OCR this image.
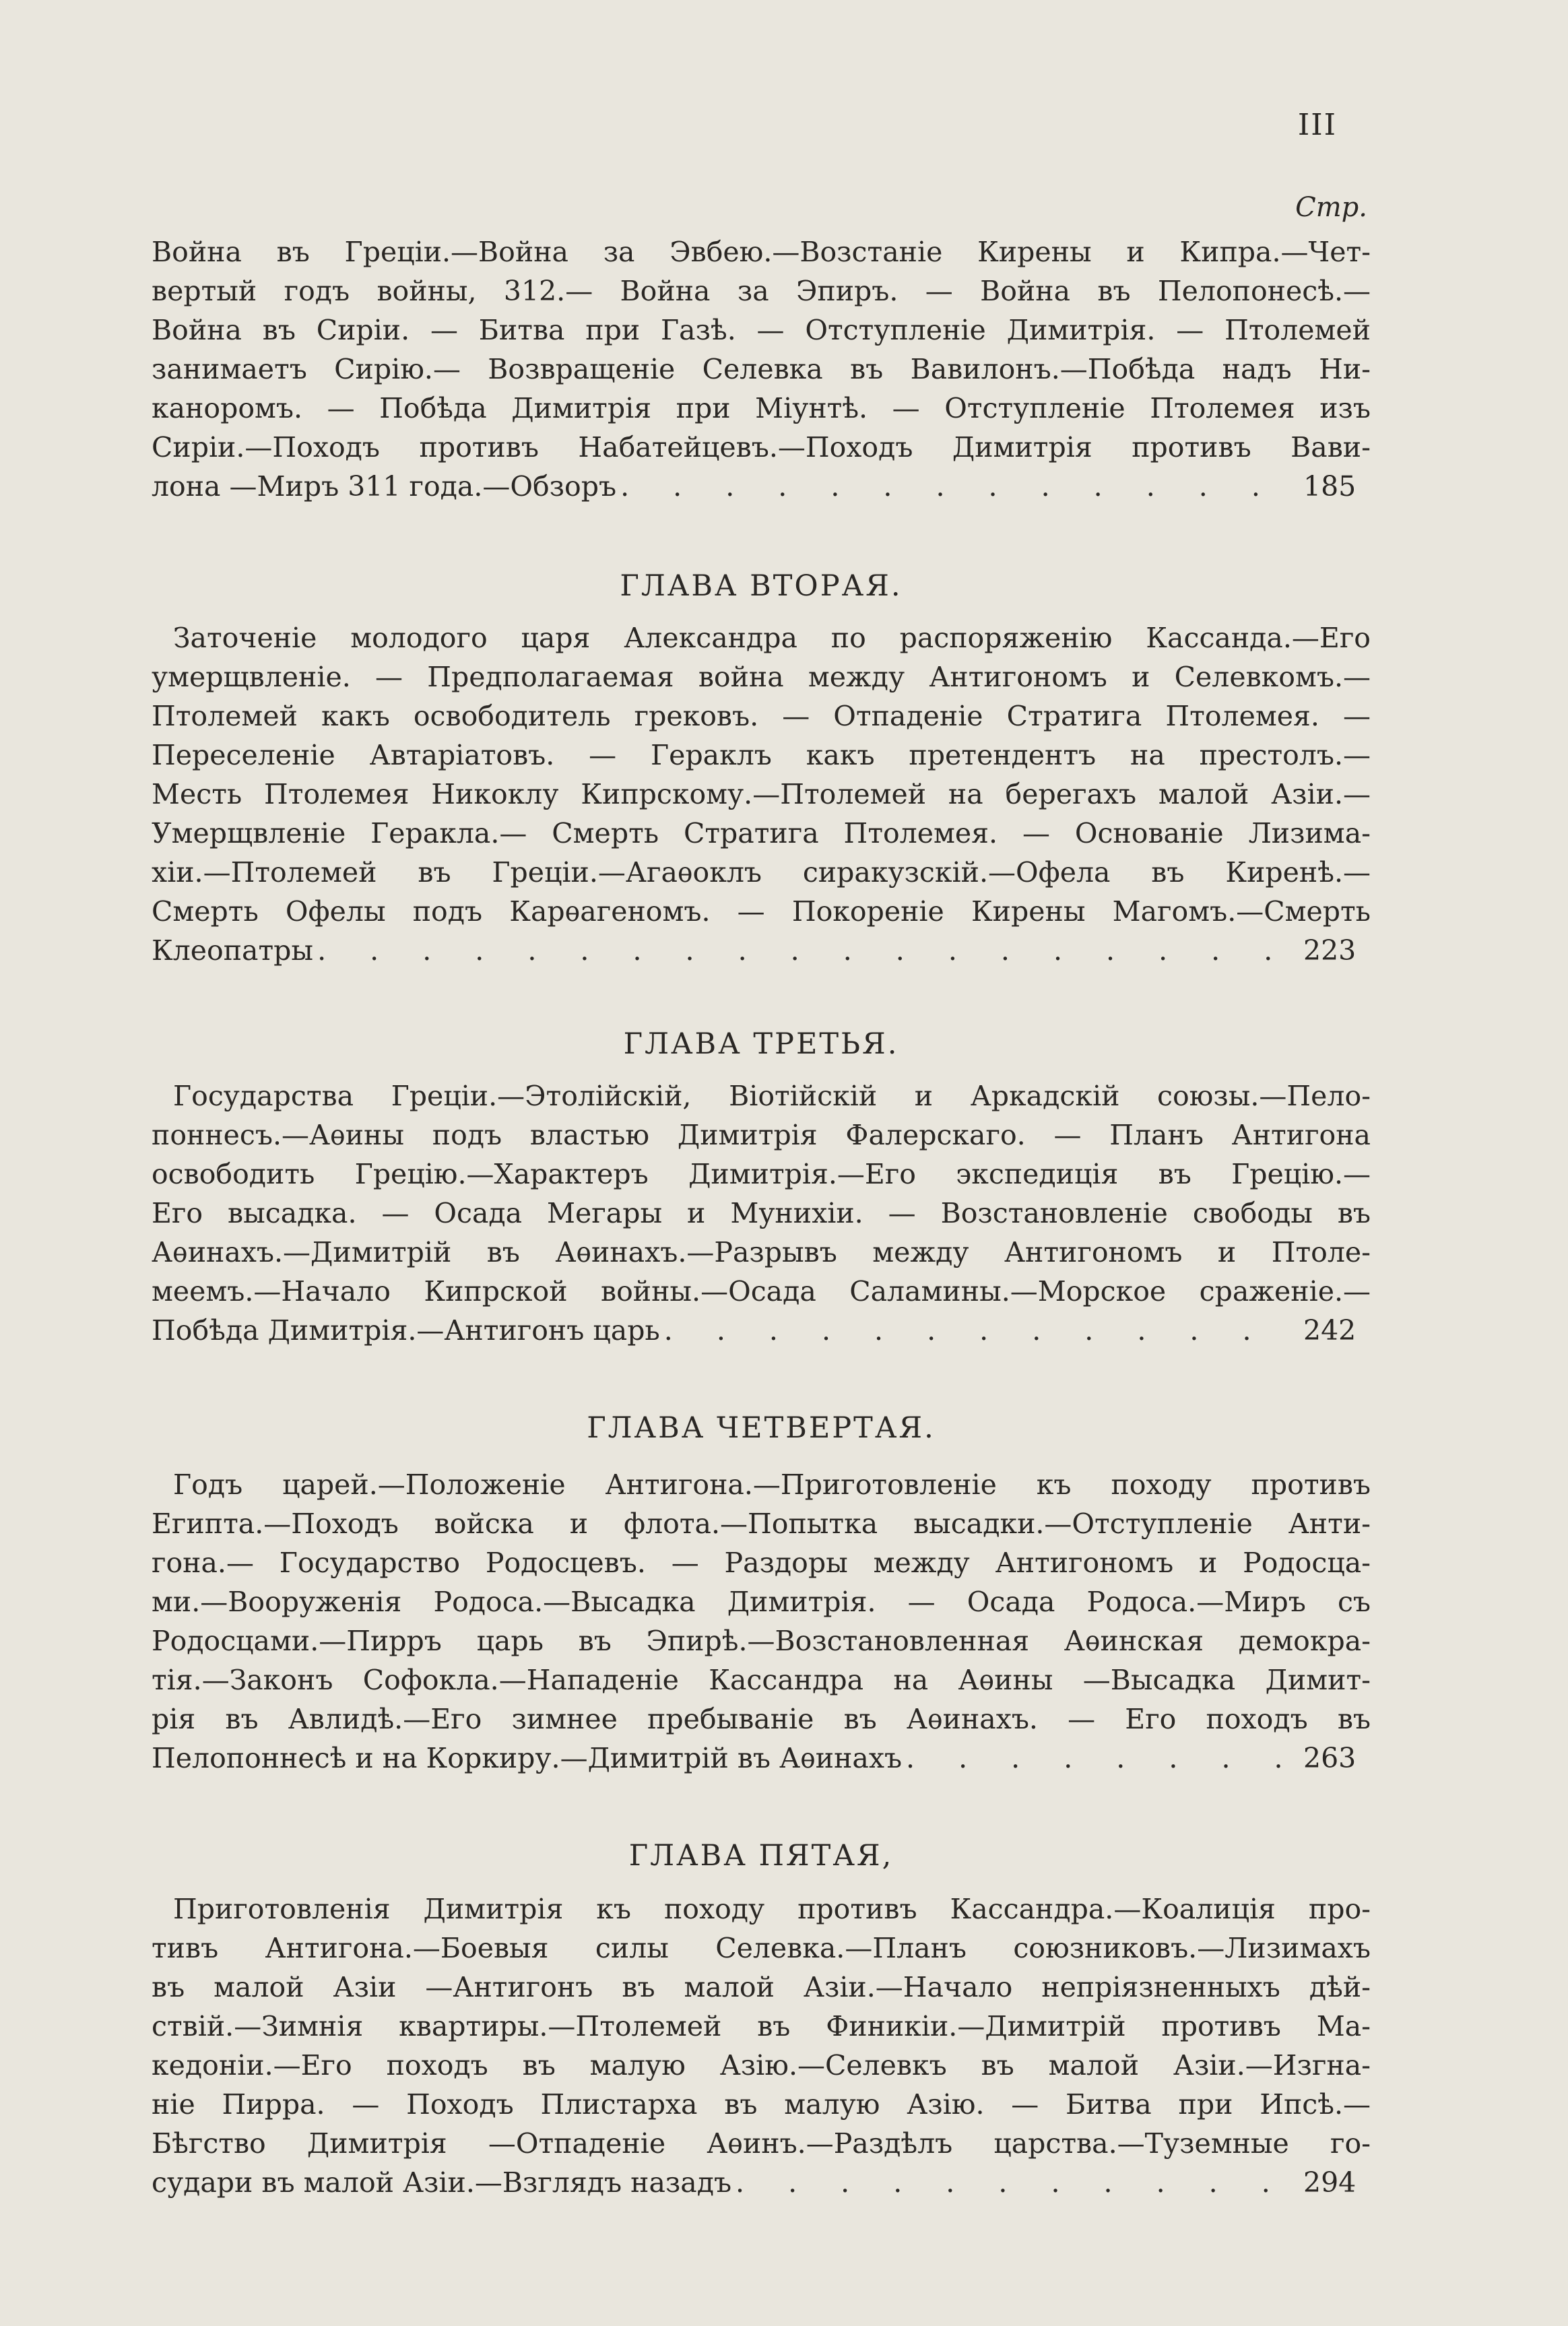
III
Стр.
Война въ Греціи.—Война за Эвбею.—Возстаніе Кирены и Кипра.—Чет-
вертый годъ войны, 312.— Война за Эпиръ. — Война въ Пелопонесѣ.—
Война въ Сиріи. — Битва при Газѣ. — Отступленіе Димитрія. — Птолемей
занимаетъ Сирію.— Возвращеніе Селевка въ Вавилонъ.—Побѣда надъ Ни-
каноромъ. — Побѣда Димитрія при Міунтѣ. — Отступленіе Птолемея изъ
Сиріи.—Походъ противъ Набатейцевъ.—Походъ Димитрія противъ Вави-
лона —Миръ 311 года.—Обзоръ . . .	185
ГЛАВА ВТОРАЯ.
Заточеніе молодого царя Александра по распоряженію Кассанда.—Его
умерщвленіе. — Предполагаемая война между Антигономъ и Селевкомъ.—
Птолемей какъ освободитель грековъ. — Отпаденіе Стратига Птолемея. —
Переселеніе Автаріатовъ. — Гераклъ какъ претендентъ на престолъ.—
Месть Птолемея Никоклу Кипрскому.—Птолемей на берегахъ малой Азіи.—
Умерщвленіе Геракла.— Смерть Стратига Птолемея. — Основаніе Лизима-
хіи.—Птолемей въ Греціи.—Агаѳоклъ сиракузскій.—Офела въ Киренѣ.—
Смерть Офелы подъ Карѳагеномъ. — Покореніе Кирены Магомъ.—Смерть
Клеопатры . . .	223
ГЛАВА ТРЕТЬЯ.
Государства Греціи.—Этолійскій, Віотійскій и Аркадскій союзы.—Пело-
поннесъ.—Аѳины подъ властью Димитрія Фалерскаго. — Планъ Антигона
освободить Грецію.—Характеръ Димитрія.—Его экспедиція въ Грецію.—
Его высадка. — Осада Мегары и Мунихіи. — Возстановленіе свободы въ
Аѳинахъ.—Димитрій въ Аѳинахъ.—Разрывъ между Антигономъ и Птоле-
меемъ.—Начало Кипрской войны.—Осада Саламины.—Морское сраженіе.—
Побѣда Димитрія.—Антигонъ царь . . .	242
ГЛАВА ЧЕТВЕРТАЯ.
Годъ царей.—Положеніе Антигона.—Приготовленіе къ походу противъ
Египта.—Походъ войска и флота.—Попытка высадки.—Отступленіе Анти-
гона.— Государство Родосцевъ. — Раздоры между Антигономъ и Родосца-
ми.—Вооруженія Родоса.—Высадка Димитрія. — Осада Родоса.—Миръ съ
Родосцами.—Пирръ царь въ Эпирѣ.—Возстановленная Аѳинская демокра-
тія.—Законъ Софокла.—Нападеніе Кассандра на Аѳины —Высадка Димит-
рія въ Авлидѣ.—Его зимнее пребываніе въ Аѳинахъ. — Его походъ въ
Пелопоннесѣ и на Коркиру.—Димитрій въ Аѳинахъ . . .	263
ГЛАВА ПЯТАЯ,
Приготовленія Димитрія къ походу противъ Кассандра.—Коалиція про-
тивъ Антигона.—Боевыя силы Селевка.—Планъ союзниковъ.—Лизимахъ
въ малой Азіи —Антигонъ въ малой Азіи.—Начало непріязненныхъ дѣй-
ствій.—Зимнія квартиры.—Птолемей въ Финикіи.—Димитрій противъ Ма-
кедоніи.—Его походъ въ малую Азію.—Селевкъ въ малой Азіи.—Изгна-
ніе Пирра. — Походъ Плистарха въ малую Азію. — Битва при Ипсѣ.—
Бѣгство Димитрія —Отпаденіе Аѳинъ.—Раздѣлъ царства.—Туземные го-
судари въ малой Азіи.—Взглядъ назадъ . . .	294
